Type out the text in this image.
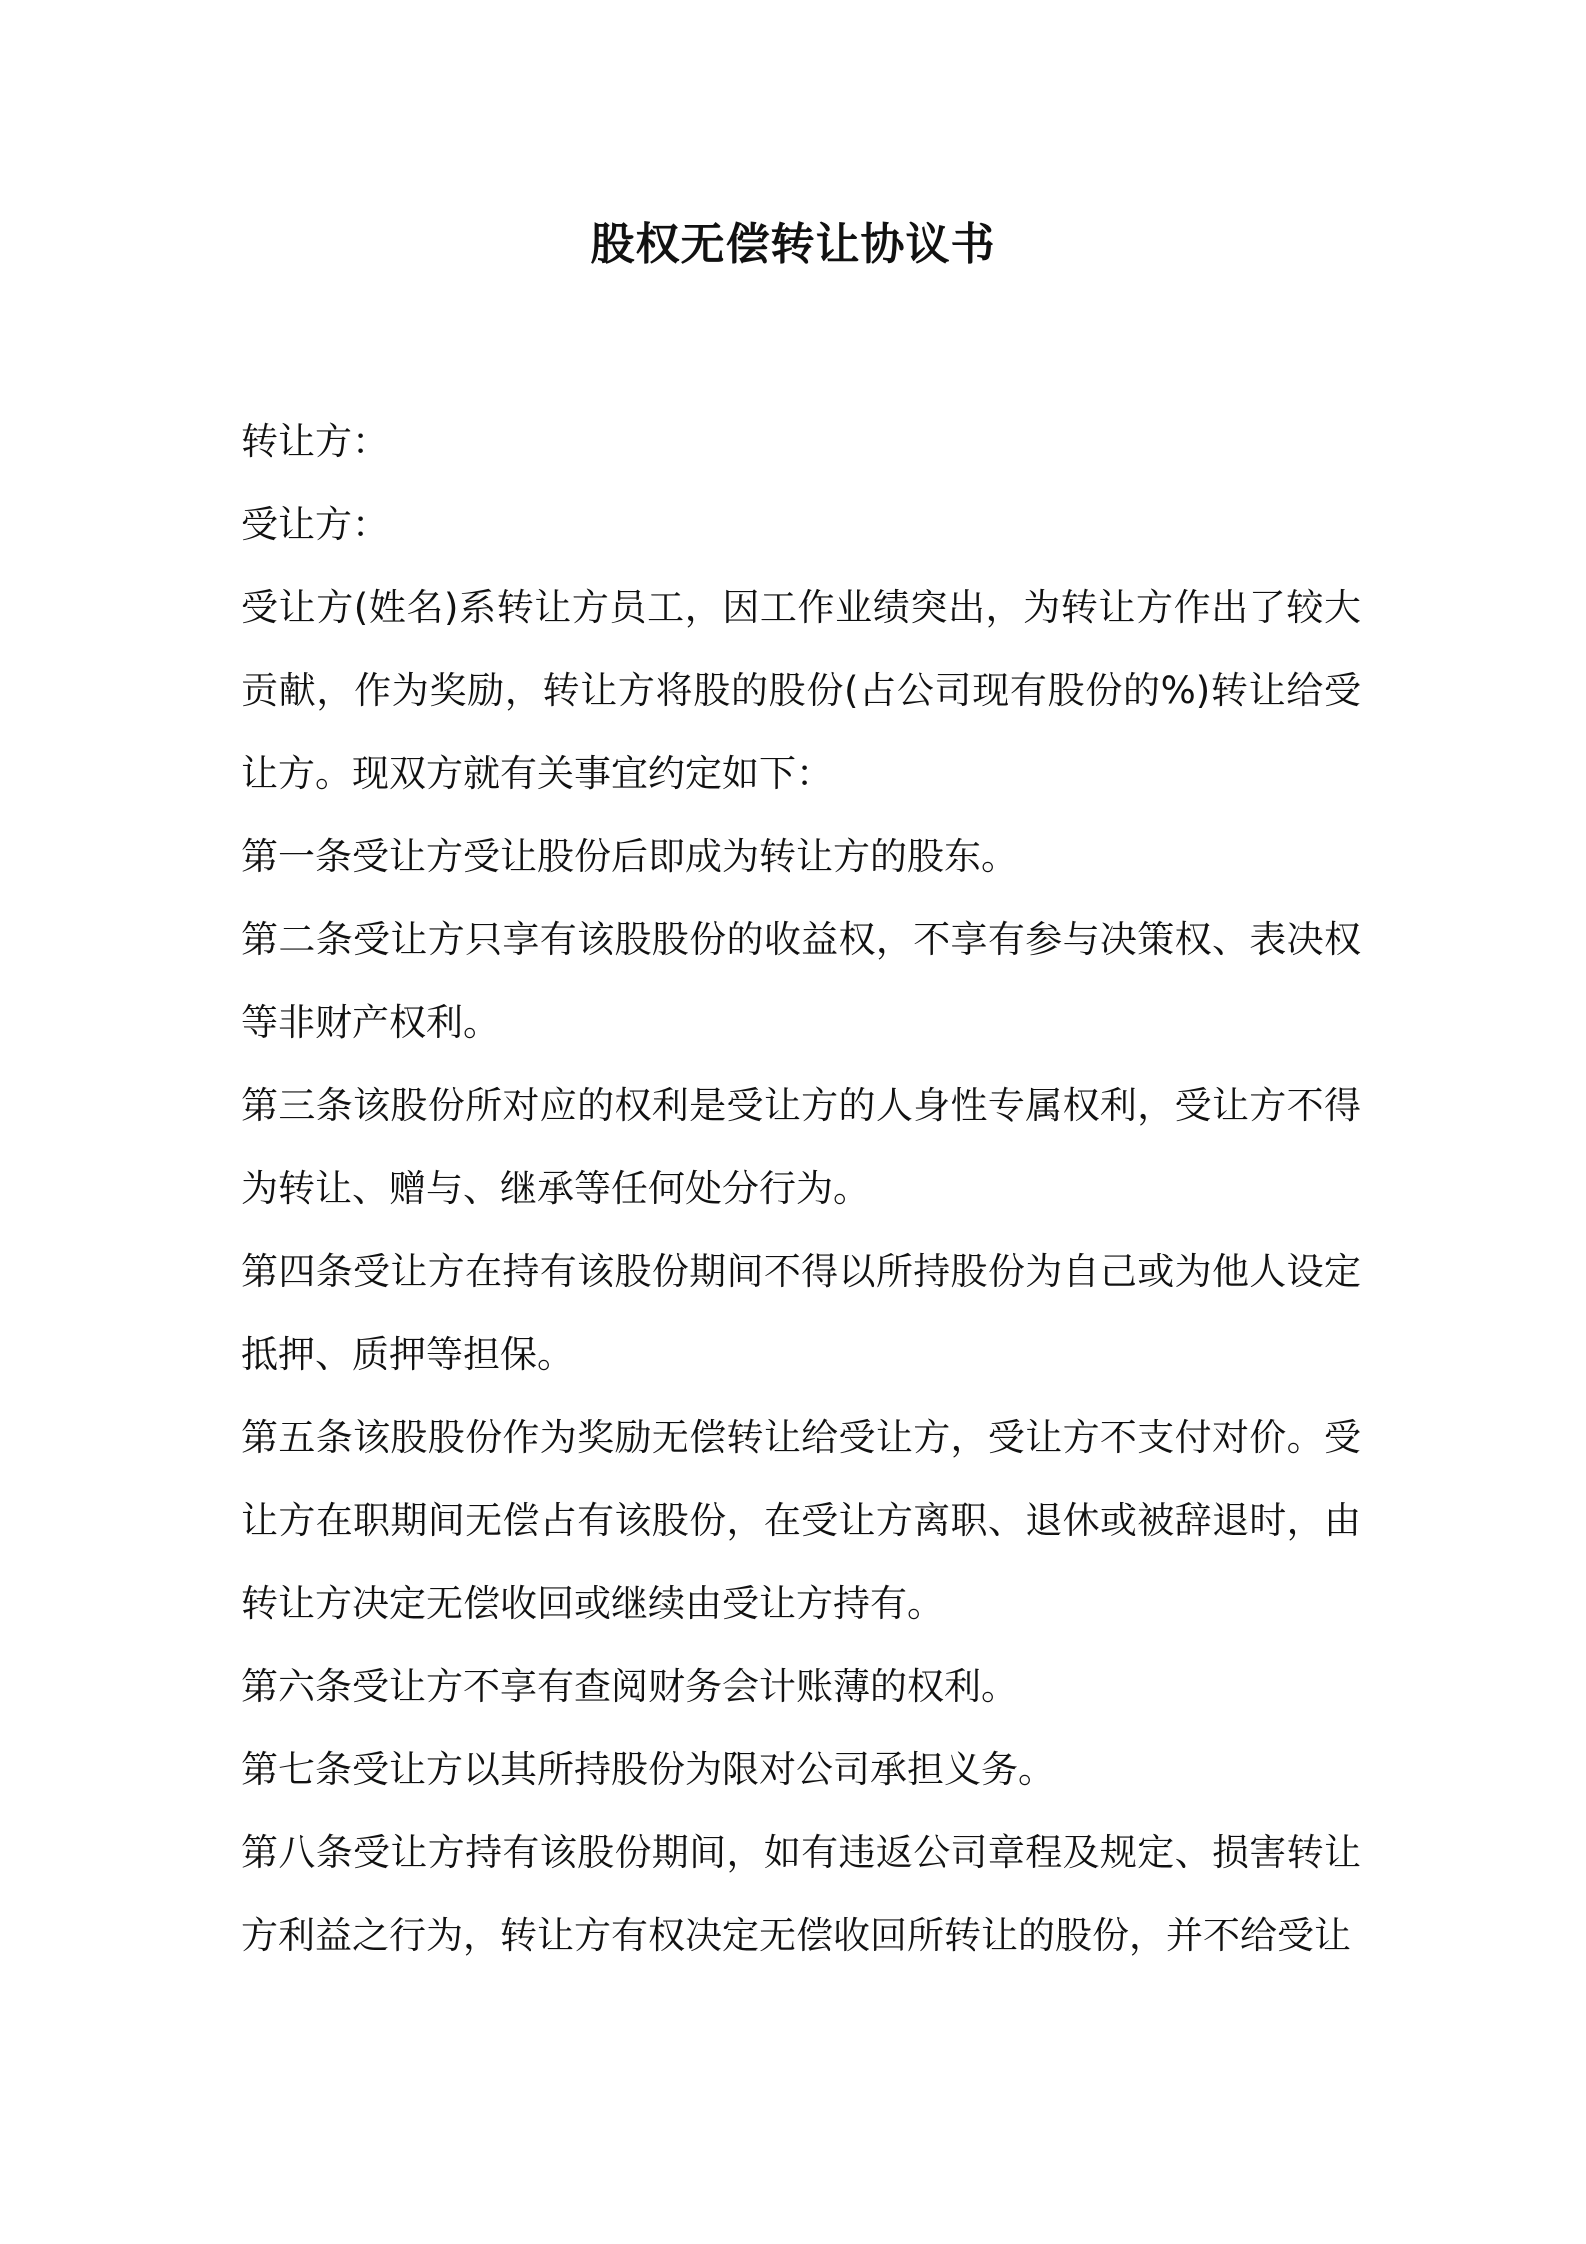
股权无偿转让协议书

转让方：

受让方：

受让方(姓名)系转让方员工，因工作业绩突出，为转让方作出了较大贡献，作为奖励，转让方将股的股份(占公司现有股份的%)转让给受让方。现双方就有关事宜约定如下：

第一条受让方受让股份后即成为转让方的股东。

第二条受让方只享有该股股份的收益权，不享有参与决策权、表决权等非财产权利。

第三条该股份所对应的权利是受让方的人身性专属权利，受让方不得为转让、赠与、继承等任何处分行为。

第四条受让方在持有该股份期间不得以所持股份为自己或为他人设定抵押、质押等担保。

第五条该股股份作为奖励无偿转让给受让方，受让方不支付对价。受让方在职期间无偿占有该股份，在受让方离职、退休或被辞退时，由转让方决定无偿收回或继续由受让方持有。

第六条受让方不享有查阅财务会计账薄的权利。

第七条受让方以其所持股份为限对公司承担义务。

第八条受让方持有该股份期间，如有违返公司章程及规定、损害转让方利益之行为，转让方有权决定无偿收回所转让的股份，并不给受让
